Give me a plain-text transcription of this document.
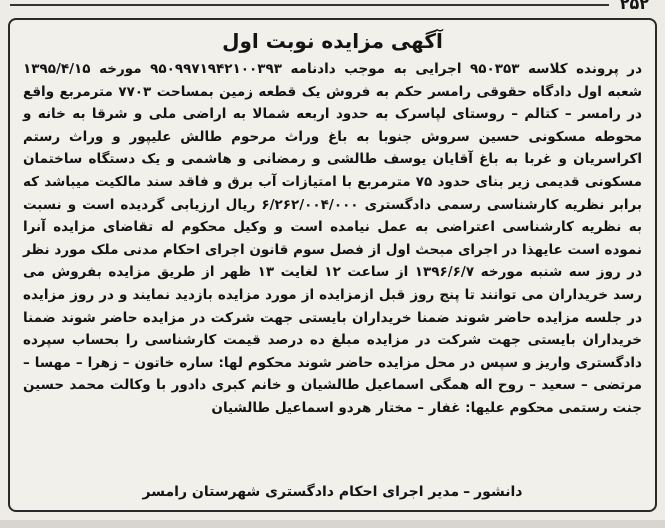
۲۵۲
آگهی مزایده نوبت اول
در پرونده کلاسه ۹۵۰۳۵۳ اجرایی به موجب دادنامه ۹۵۰۹۹۷۱۹۴۲۱۰۰۳۹۳ مورخه ۱۳۹۵/۴/۱۵ شعبه اول دادگاه حقوقی رامسر حکم به فروش یک قطعه زمین بمساحت ۷۷۰۳ مترمربع واقع در رامسر – کتالم – روستای لپاسرک به حدود اربعه شمالا به اراضی ملی و شرقا به خانه و محوطه مسکونی حسین سروش جنوبا به باغ وراث مرحوم طالش علیپور و وراث رستم اکراسریان و غربا به باغ آقایان یوسف طالشی و رمضانی و هاشمی و یک دستگاه ساختمان مسکونی قدیمی زیر بنای حدود ۷۵ مترمربع با امتیازات آب برق و فاقد سند مالکیت میباشد که برابر نظریه کارشناسی رسمی دادگستری ۶/۲۶۲/۰۰۴/۰۰۰ ریال ارزیابی گردیده است و نسبت به نظریه کارشناسی اعتراضی به عمل نیامده است و وکیل محکوم له تقاضای مزایده آنرا نموده است عایهذا در اجرای مبحث اول از فصل سوم قانون اجرای احکام مدنی ملک مورد نظر در روز سه شنبه مورخه ۱۳۹۶/۶/۷ از ساعت ۱۲ لغایت ۱۳ ظهر از طریق مزایده بفروش می رسد خریداران می توانند تا پنج روز قبل ازمزایده از مورد مزایده بازدید نمایند و در روز مزایده در جلسه مزایده حاضر شوند ضمنا خریداران بایستی جهت شرکت در مزایده حاضر شوند ضمنا خریداران بایستی جهت شرکت در مزایده مبلغ ده درصد قیمت کارشناسی را بحساب سپرده دادگستری واریز و سپس در محل مزایده حاضر شوند محکوم لها: ساره خاتون – زهرا – مهسا – مرتضی – سعید – روح اله همگی اسماعیل طالشیان و خانم کبری دادور با وکالت محمد حسین جنت رستمی محکوم علیها: غفار – مختار هردو اسماعیل طالشیان
دانشور–مدیر اجرای احکام دادگستری شهرستان رامسر
